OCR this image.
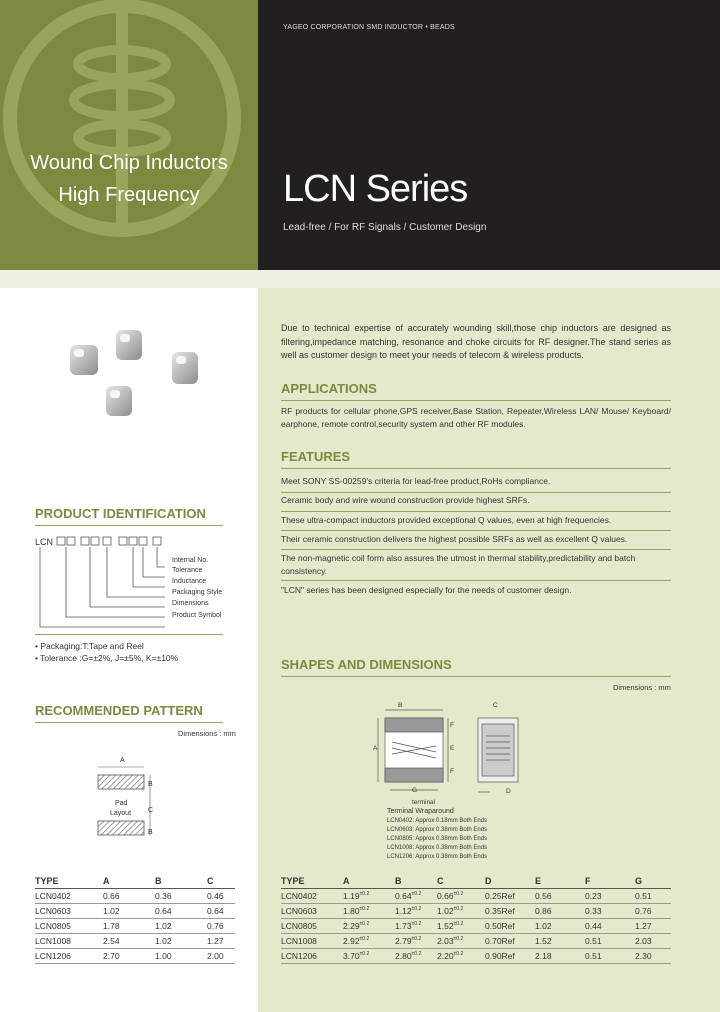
YAGEO CORPORATION SMD INDUCTOR • BEADS
Wound Chip Inductors
High Frequency	LCN Series
Lead-free / For RF Signals / Customer Design
Due to technical expertise of accurately wounding skill,those chip inductors are designed as filtering,impedance matching, resonance and choke circuits for RF designer.The stand series as well as customer design to meet your needs of telecom & wireless products.
APPLICATIONS
RF products for cellular phone,GPS receiver,Base Station, Repeater,Wireless LAN/ Mouse/ Keyboard/ earphone, remote control,security system and other RF modules.
FEATURES
Meet SONY SS-00259's criteria for lead-free product,RoHs compliance.
Ceramic body and wire wound construction provide highest SRFs.
These ultra-compact inductors provided exceptional Q values, even at high frequencies.
Their ceramic construction delivers the highest possible SRFs as well as excellent Q values.
The non-magnetic coil form also assures the utmost in thermal stability,predictability and batch consistency.
"LCN" series has been designed especially for the needs of customer design.
PRODUCT IDENTIFICATION
LCN
Internal No.
Tolerance
Inductance
Packaging Style
Dimensions
Product Symbol
• Packaging:T:Tape and Reel
• Tolerance :G=±2%, J=±5%, K=±10%
RECOMMENDED PATTERN
Dimensions : mm
A
B
C
B
Pad
Layout
TYPE	A	B	C
LCN0402	0.66	0.36	0.46
LCN0603	1.02	0.64	0.64
LCN0805	1.78	1.02	0.76
LCN1008	2.54	1.02	1.27
LCN1206	2.70	1.00	2.00
SHAPES AND DIMENSIONS
Dimensions : mm
B
A
C
F
E
F
G	D
terminal
Terminal Wraparound
LCN0402: Approx 0.18mm Both Ends
LCN0603: Approx 0.38mm Both Ends
LCN0805: Approx 0.38mm Both Ends
LCN1008: Approx 0.38mm Both Ends
LCN1206: Approx 0.38mm Both Ends
TYPE	A	B	C	D	E	F	G
LCN0402	$1.19^{\pm 0.2}$	$0.64^{\pm 0.2}$	$0.66^{\pm 0.2}$	0.25Ref	0.56	0.23	0.51
LCN0603	$1.80^{\pm 0.2}$	$1.12^{\pm 0.2}$	$1.02^{\pm 0.2}$	0.35Ref	0.86	0.33	0.76
LCN0805	$2.29^{\pm 0.2}$	$1.73^{\pm 0.2}$	$1.52^{\pm 0.2}$	0.50Ref	1.02	0.44	1.27
LCN1008	$2.92^{\pm 0.2}$	$2.79^{\pm 0.2}$	$2.03^{\pm 0.2}$	0.70Ref	1.52	0.51	2.03
LCN1206	$3.70^{\pm 0.2}$	$2.80^{\pm 0.2}$	$2.20^{\pm 0.2}$	0.90Ref	2.18	0.51	2.30
